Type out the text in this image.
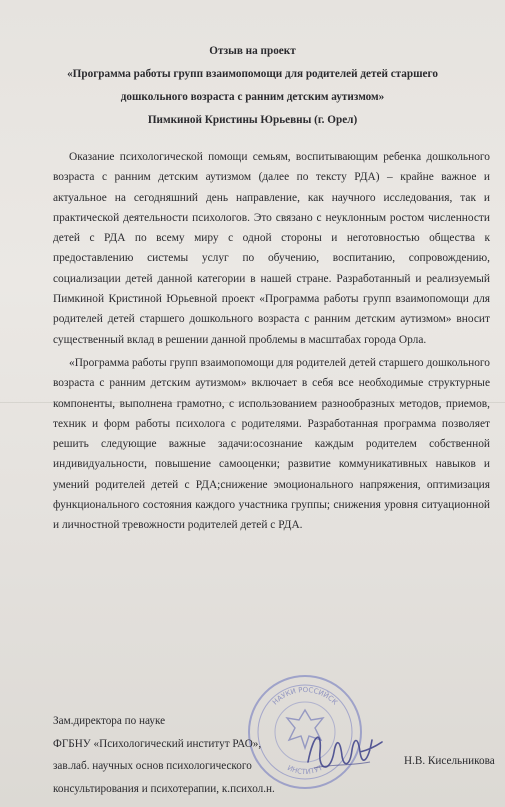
Отзыв на проект
«Программа работы групп взаимопомощи для родителей детей старшего
дошкольного возраста с ранним детским аутизмом»
Пимкиной Кристины Юрьевны (г. Орел)

Оказание психологической помощи семьям, воспитывающим ребенка дошкольного возраста с ранним детским аутизмом (далее по тексту РДА) – крайне важное и актуальное на сегодняшний день направление, как научного исследования, так и практической деятельности психологов. Это связано с неуклонным ростом численности детей с РДА по всему миру с одной стороны и неготовностью общества к предоставлению системы услуг по обучению, воспитанию, сопровождению, социализации детей данной категории в нашей стране. Разработанный и реализуемый Пимкиной Кристиной Юрьевной проект «Программа работы групп взаимопомощи для родителей детей старшего дошкольного возраста с ранним детским аутизмом» вносит существенный вклад в решении данной проблемы в масштабах города Орла.

«Программа работы групп взаимопомощи для родителей детей старшего дошкольного возраста с ранним детским аутизмом» включает в себя все необходимые структурные компоненты, выполнена грамотно, с использованием разнообразных методов, приемов, техник и форм работы психолога с родителями. Разработанная программа позволяет решить следующие важные задачи:осознание каждым родителем собственной индивидуальности, повышение самооценки; развитие коммуникативных навыков и умений родителей детей с РДА;снижение эмоционального напряжения, оптимизация функционального состояния каждого участника группы; снижения уровня ситуационной и личностной тревожности родителей детей с РДА.

НАУКИ РОССИЙСК
ИНСТИТУТ
Зам.директора по науке
ФГБНУ «Психологический институт РАО»,
зав.лаб. научных основ психологического
консультирования и психотерапии, к.психол.н.
Н.В. Кисельникова
